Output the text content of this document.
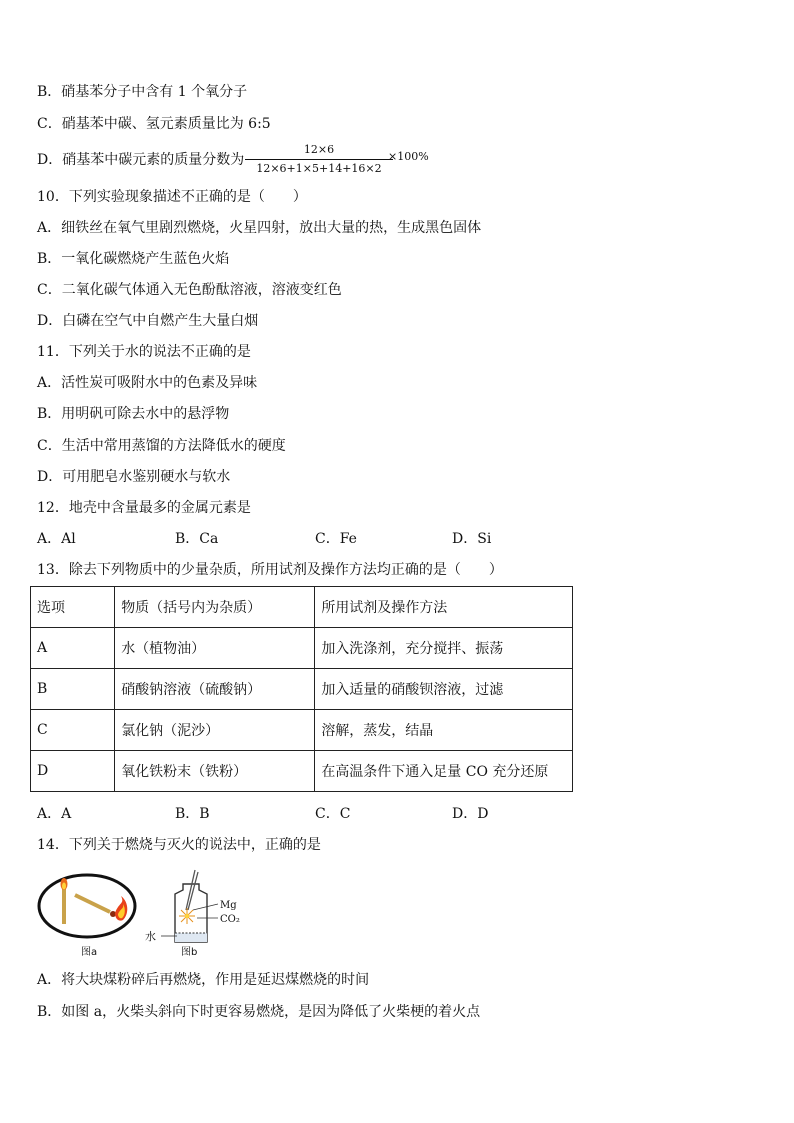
B．硝基苯分子中含有 1 个氧分子
C．硝基苯中碳、氢元素质量比为 6:5
D．硝基苯中碳元素的质量分数为 $\frac{12\times 6}{12\times 6+1\times 5+14+16\times 2}$
×100%
10．下列实验现象描述不正确的是（　　）
A．细铁丝在氧气里剧烈燃烧，火星四射，放出大量的热，生成黑色固体
B．一氧化碳燃烧产生蓝色火焰
C．二氧化碳气体通入无色酚酞溶液，溶液变红色
D．白磷在空气中自燃产生大量白烟
11．下列关于水的说法不正确的是
A．活性炭可吸附水中的色素及异味
B．用明矾可除去水中的悬浮物
C．生活中常用蒸馏的方法降低水的硬度
D．可用肥皂水鉴别硬水与软水
12．地壳中含量最多的金属元素是
A．Al	B．Ca	C．Fe	D．Si
13．除去下列物质中的少量杂质，所用试剂及操作方法均正确的是（　　）
选项	物质（括号内为杂质）	所用试剂及操作方法
A	水（植物油）	加入洗涤剂，充分搅拌、振荡
B	硝酸钠溶液（硫酸钠）	加入适量的硝酸钡溶液，过滤
C	氯化钠（泥沙）	溶解，蒸发，结晶
D	氧化铁粉末（铁粉）	在高温条件下通入足量 CO 充分还原
A．A	B．B	C．C	D．D
14．下列关于燃烧与灭火的说法中，正确的是
图a
Mg
CO₂
水
图b
A．将大块煤粉碎后再燃烧，作用是延迟煤燃烧的时间
B．如图 a，火柴头斜向下时更容易燃烧，是因为降低了火柴梗的着火点
